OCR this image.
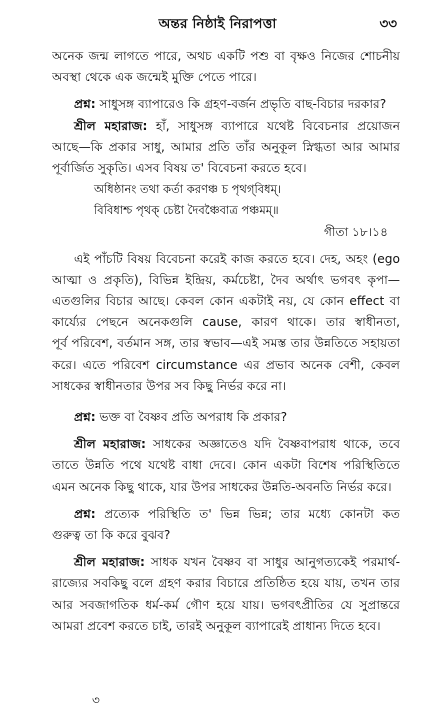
অন্তর নিষ্ঠাই নিরাপত্তা	৩৩
অনেক জন্ম লাগতে পারে, অথচ একটি পশু বা বৃক্ষও নিজের শোচনীয়
অবস্থা থেকে এক জন্মেই মুক্তি পেতে পারে।
প্রশ্ন: সাধুসঙ্গ ব্যাপারেও কি গ্রহণ-বর্জন প্রভৃতি বাছ-বিচার দরকার?
শ্রীল মহারাজ: হাঁ, সাধুসঙ্গ ব্যাপারে যথেষ্ট বিবেচনার প্রয়োজন
আছে—কি প্রকার সাধু, আমার প্রতি তাঁর অনুকূল স্নিগ্ধতা আর আমার
পূর্বার্জিত সুকৃতি। এসব বিষয় ত' বিবেচনা করতে হবে।
অধিষ্ঠানং তথা কর্তা করণঞ্চ চ পৃথগ্‌বিধম্‌।
বিবিধাশ্চ পৃথক্‌ চেষ্টা দৈবঞ্চৈবাত্র পঞ্চমম্‌॥
গীতা ১৮।১৪
এই পাঁচটি বিষয় বিবেচনা করেই কাজ করতে হবে। দেহ, অহং (ego
আত্মা ও প্রকৃতি), বিভিন্ন ইন্দ্রিয়, কর্মচেষ্টা, দৈব অর্থাৎ ভগবৎ কৃপা—
এতগুলির বিচার আছে। কেবল কোন একটাই নয়, যে কোন effect বা
কার্য্যের পেছনে অনেকগুলি cause, কারণ থাকে। তার স্বাধীনতা,
পূর্ব পরিবেশ, বর্তমান সঙ্গ, তার স্বভাব—এই সমস্ত তার উন্নতিতে সহায়তা
করে। এতে পরিবেশ circumstance এর প্রভাব অনেক বেশী, কেবল
সাধকের স্বাধীনতার উপর সব কিছু নির্ভর করে না।
প্রশ্ন: ভক্ত বা বৈষ্ণব প্রতি অপরাধ কি প্রকার?
শ্রীল মহারাজ: সাধকের অজ্ঞাতেও যদি বৈষ্ণবাপরাধ থাকে, তবে
তাতে উন্নতি পথে যথেষ্ট বাধা দেবে। কোন একটা বিশেষ পরিস্থিতিতে
এমন অনেক কিছু থাকে, যার উপর সাধকের উন্নতি-অবনতি নির্ভর করে।
প্রশ্ন: প্রত্যেক পরিস্থিতি ত' ভিন্ন ভিন্ন; তার মধ্যে কোনটা কত
গুরুত্ব তা কি করে বুঝব?
শ্রীল মহারাজ: সাধক যখন বৈষ্ণব বা সাধুর আনুগত্যকেই পরমার্থ-
রাজ্যের সবকিছু বলে গ্রহণ করার বিচারে প্রতিষ্ঠিত হয়ে যায়, তখন তার
আর সবজাগতিক ধর্ম-কর্ম গৌণ হয়ে যায়। ভগবৎপ্রীতির যে সুপ্রান্তরে
আমরা প্রবেশ করতে চাই, তারই অনুকূল ব্যাপারেই প্রাধান্য দিতে হবে।
৩
